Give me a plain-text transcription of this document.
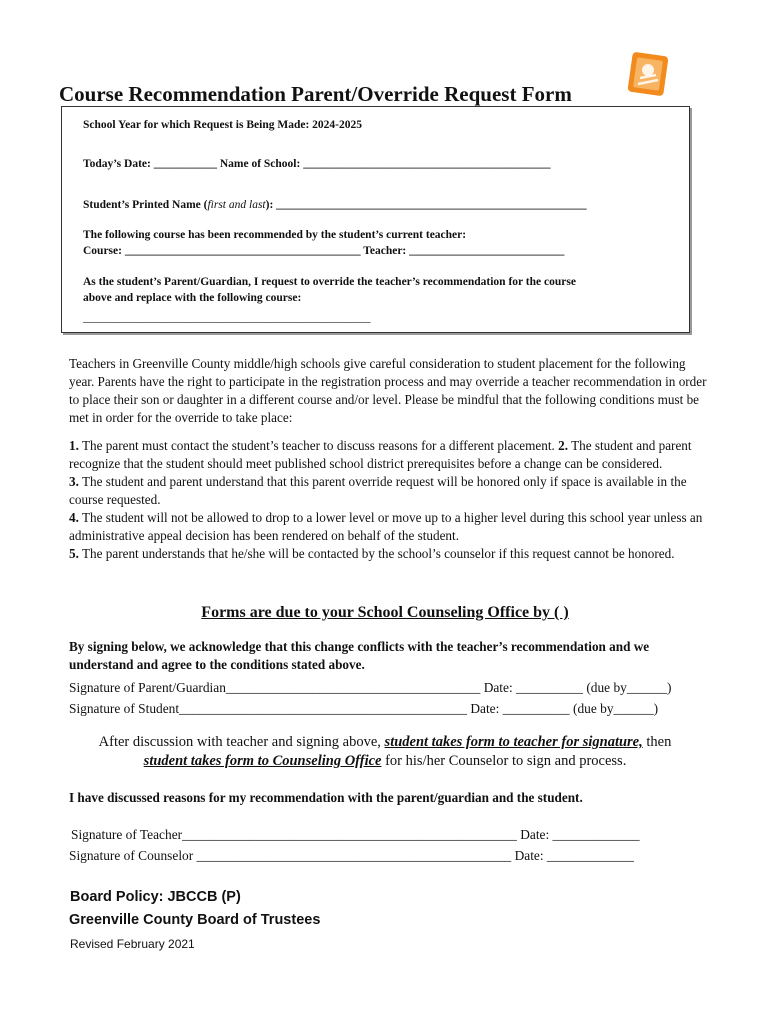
Course Recommendation Parent/Override Request Form
School Year for which Request is Being Made: 2024-2025
Today’s Date: ___________ Name of School: ___________________________________________
Student’s Printed Name (first and last): ______________________________________________________
The following course has been recommended by the student’s current teacher:
Course: _________________________________________ Teacher: ___________________________
As the student’s Parent/Guardian, I request to override the teacher’s recommendation for the course
above and replace with the following course:
__________________________________________________
Teachers in Greenville County middle/high schools give careful consideration to student placement for the following year. Parents have the right to participate in the registration process and may override a teacher recommendation in order to place their son or daughter in a different course and/or level. Please be mindful that the following conditions must be met in order for the override to take place:
1. The parent must contact the student’s teacher to discuss reasons for a different placement. 2. The student and parent recognize that the student should meet published school district prerequisites before a change can be considered.
3. The student and parent understand that this parent override request will be honored only if space is available in the course requested.
4. The student will not be allowed to drop to a lower level or move up to a higher level during this school year unless an administrative appeal decision has been rendered on behalf of the student.
5. The parent understands that he/she will be contacted by the school’s counselor if this request cannot be honored.
Forms are due to your School Counseling Office by ( )
By signing below, we acknowledge that this change conflicts with the teacher’s recommendation and we understand and agree to the conditions stated above.
Signature of Parent/Guardian______________________________________ Date: __________ (due by______)
Signature of Student___________________________________________ Date: __________ (due by______)
After discussion with teacher and signing above, student takes form to teacher for signature, then
student takes form to Counseling Office for his/her Counselor to sign and process.
I have discussed reasons for my recommendation with the parent/guardian and the student.
Signature of Teacher__________________________________________________ Date: _____________
Signature of Counselor _______________________________________________ Date: _____________
Board Policy: JBCCB (P)
Greenville County Board of Trustees
Revised February 2021
